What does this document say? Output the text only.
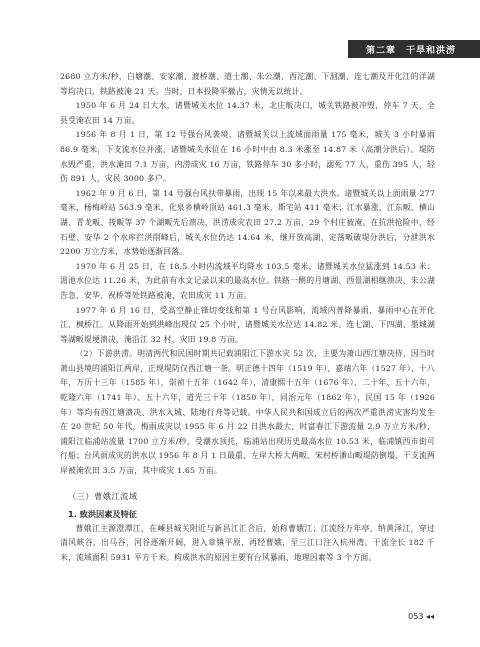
第二章　干旱和洪涝

2680 立方米/秒，白塘潮、安家潮、渡桥潮、道士潮、朱公潮、西沱潮、下洄潮、连七潮及开化江的洋湖等均决口，铁路被淹 21 天。当时，日本投降军撤占，灾情无以统计。

1950 年 6 月 24 日大水，诸暨城关水位 14.37 米，北庄舨决口，城关铁路被冲毁，停车 7 天，全县受淹农田 14 万亩。

1956 年 8 月 1 日，第 12 号强台风袭境，诸暨城关以上流域面雨量 175 毫米，城关 3 小时暴雨 86.9 毫米，下支流水位并涨，诸暨城关水位在 16 小时中由 8.3 米涨至 14.87 米（高潮分洪后）。堤防水毁严重，洪水淹田 7.1 万亩，内涝成灾 16 万亩，铁路停车 30 多小时，溺死 77 人，重伤 395 人，轻伤 891 人，灾民 3000 多户。

1962 年 9 月 6 日，第 14 号强台风扶带暴雨，出现 15 年以来最大洪水。诸暨城关以上面雨量 277 毫米，杨梅岭站 563.9 毫米，化泉乡横岭顶站 461.3 毫米，斯宅站 411 毫米；江水暴涨，江东畈、横山湖、青龙畈、筏畈等 37 个湖畈先后溃决，洪涝成灾农田 27.2 万亩，29 个村庄被淹。在抗洪抢险中，经石壁、安华 2 个水库拦洪削峰后，城关水位仍达 14.64 米，继开放高湖、定荡畈破堤分洪后，分泄洪水 2200 万立方米，水势始逐渐回落。

1970 年 6 月 25 日，在 18.5 小时内流域平均降水 103.5 毫米，诸暨城关水位猛涨到 14.53 米；湄池水位达 11.26 米，为此前有水文记录以来的最高水位。铁路一侧的月塘湖、西景湖相继溃决，朱公湖告急，安华、祝桥等处铁路被淹，农田成灾 11 万亩。

1977 年 6 月 16 日，受高空静止锋切变线和第 1 号台风影响，流域内普降暴雨，暴雨中心在开化江、枫桥江。从降雨开始到洪峰出现仅 25 个小时，诸暨城关水位达 14.82 米。连七湖、下四湖、墨城湖等湖畈堤埂溃决，淹沿江 32 村，灾田 19.8 万亩。

（2）下游洪涝。明清两代和民国时期共记载浦阳江下游水灾 52 次，主要为萧山西江塘决侍，因当时萧山县境的浦阳江两岸，正规堤防仅西江塘一条。明正德十四年（1519 年），嘉靖六年（1527 年）、十八年，万历十三年（1585 年），崇祯十五年（1642 年），清康熙十五年（1676 年）、二十年、五十六年，乾隆六年（1741 年）、五十六年，道光三十年（1850 年），同治元年（1862 年），民国 15 年（1926 年）等均有西江塘溃决、洪水入城、陆地行舟等记载。中华人民共和国成立后的两次严重洪涝灾害均发生在 20 世纪 50 年代，梅雨成灾以 1955 年 6 月 22 日洪水最大，时富春江下游流量 2.9 万立方米/秒，浦阳江临浦站流量 1700 立方米/秒，受潮水顶托，临浦站出现历史最高水位 10.53 米，临浦镇西市街可行船；台风雨成灾的洪水以 1956 年 8 月 1 日最重，左岸大桥大两畈、宋村桥潘山畈堤防倒塌，干支流两岸被淹农田 3.5 万亩，其中成灾 1.65 万亩。

（三）曹娥江流域
1. 致洪因素及特征

曹娥江主源澄潭江，在嵊县城关附近与新昌江汇合后，始称曹娥江；江流经万年亭，纳黄泽江，穿过清风峡谷，出马谷，河谷逐渐开阔，进入章镇平原，再经曹娥，至三江口注入杭州湾。干流全长 182 千米，流域面积 5931 平方千米。构成洪水的原因主要有台风暴雨、地理因素等 3 个方面。

053 ◂◂
